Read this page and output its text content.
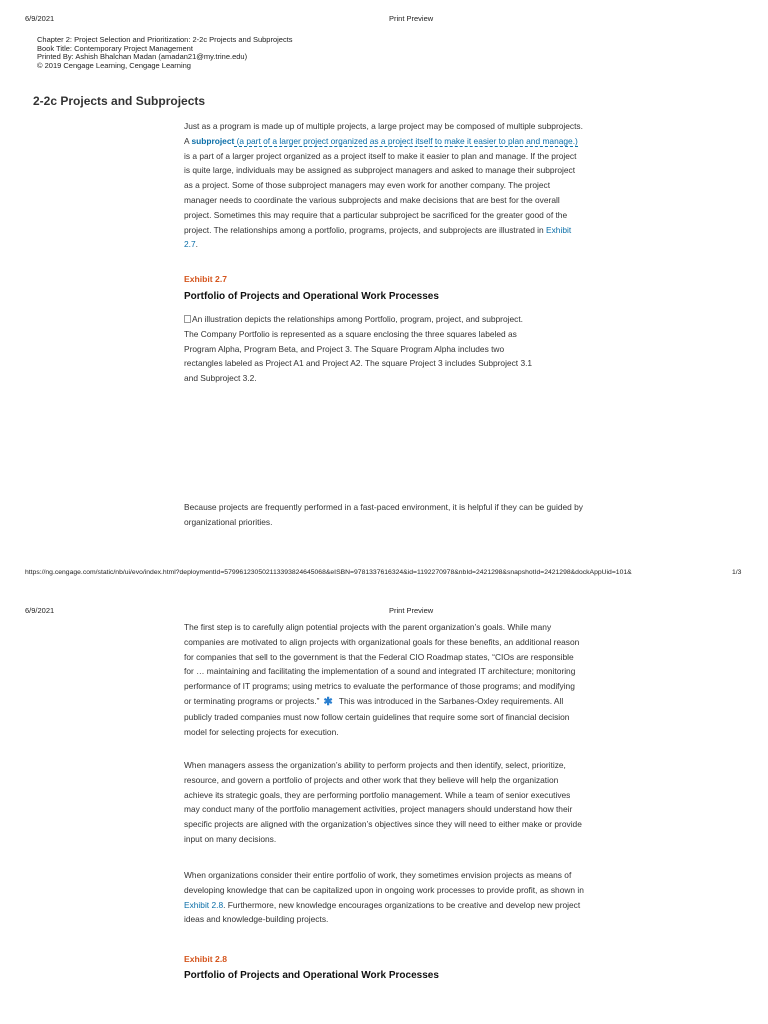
6/9/2021	Print Preview
Chapter 2: Project Selection and Prioritization: 2-2c Projects and Subprojects
Book Title: Contemporary Project Management
Printed By: Ashish Bhalchan Madan (amadan21@my.trine.edu)
© 2019 Cengage Learning, Cengage Learning
2-2c Projects and Subprojects

Just as a program is made up of multiple projects, a large project may be composed of multiple subprojects. A subproject (a part of a larger project organized as a project itself to make it easier to plan and manage.) is a part of a larger project organized as a project itself to make it easier to plan and manage. If the project is quite large, individuals may be assigned as subproject managers and asked to manage their subproject as a project. Some of those subproject managers may even work for another company. The project manager needs to coordinate the various subprojects and make decisions that are best for the overall project. Sometimes this may require that a particular subproject be sacrificed for the greater good of the project. The relationships among a portfolio, programs, projects, and subprojects are illustrated in Exhibit 2.7.

Exhibit 2.7
Portfolio of Projects and Operational Work Processes
An illustration depicts the relationships among Portfolio, program, project, and subproject. The Company Portfolio is represented as a square enclosing the three squares labeled as Program Alpha, Program Beta, and Project 3. The Square Program Alpha includes two rectangles labeled as Project A1 and Project A2. The square Project 3 includes Subproject 3.1 and Subproject 3.2.

Because projects are frequently performed in a fast-paced environment, it is helpful if they can be guided by organizational priorities.

https://ng.cengage.com/static/nb/ui/evo/index.html?deploymentId=57996123050211339382464506​8&eISBN=9781337616324&id=1192270978&nbId=2421298&snapshotId=2421298&dockAppUid=101&	1/3
6/9/2021	Print Preview

The first step is to carefully align potential projects with the parent organization’s goals. While many companies are motivated to align projects with organizational goals for these benefits, an additional reason for companies that sell to the government is that the Federal CIO Roadmap states, “CIOs are responsible for … maintaining and facilitating the implementation of a sound and integrated IT architecture; monitoring performance of IT programs; using metrics to evaluate the performance of those programs; and modifying or terminating programs or projects.” ✱ This was introduced in the Sarbanes-Oxley requirements. All publicly traded companies must now follow certain guidelines that require some sort of financial decision model for selecting projects for execution.

When managers assess the organization’s ability to perform projects and then identify, select, prioritize, resource, and govern a portfolio of projects and other work that they believe will help the organization achieve its strategic goals, they are performing portfolio management. While a team of senior executives may conduct many of the portfolio management activities, project managers should understand how their specific projects are aligned with the organization’s objectives since they will need to either make or provide input on many decisions.

When organizations consider their entire portfolio of work, they sometimes envision projects as means of developing knowledge that can be capitalized upon in ongoing work processes to provide profit, as shown in Exhibit 2.8. Furthermore, new knowledge encourages organizations to be creative and develop new project ideas and knowledge-building projects.

Exhibit 2.8
Portfolio of Projects and Operational Work Processes
